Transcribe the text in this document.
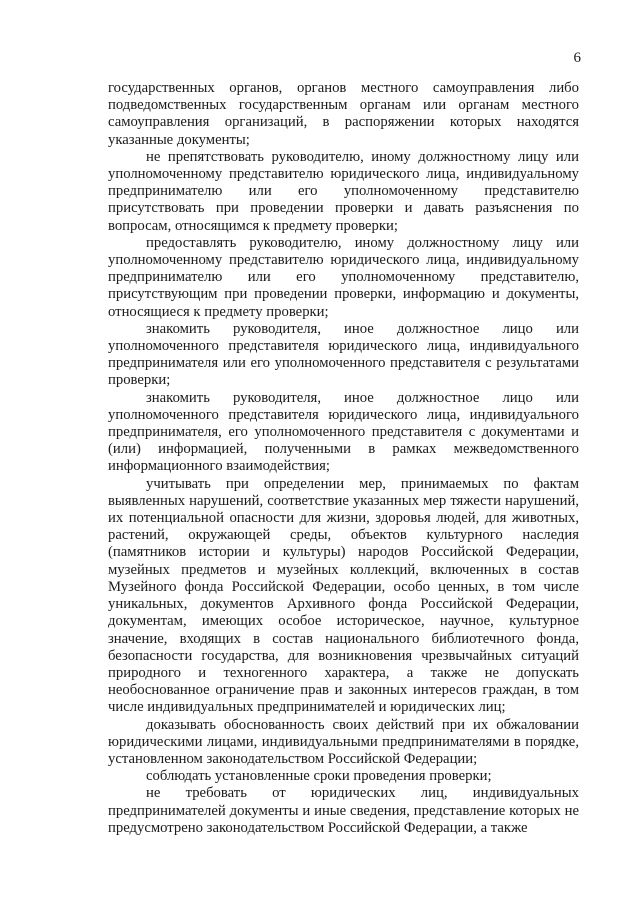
6

государственных органов, органов местного самоуправления либо подведомственных государственным органам или органам местного самоуправления организаций, в распоряжении которых находятся указанные документы;

не препятствовать руководителю, иному должностному лицу или уполномоченному представителю юридического лица, индивидуальному предпринимателю или его уполномоченному представителю присутствовать при проведении проверки и давать разъяснения по вопросам, относящимся к предмету проверки;

предоставлять руководителю, иному должностному лицу или уполномоченному представителю юридического лица, индивидуальному предпринимателю или его уполномоченному представителю, присутствующим при проведении проверки, информацию и документы, относящиеся к предмету проверки;

знакомить руководителя, иное должностное лицо или уполномоченного представителя юридического лица, индивидуального предпринимателя или его уполномоченного представителя с результатами проверки;

знакомить руководителя, иное должностное лицо или уполномоченного представителя юридического лица, индивидуального предпринимателя, его уполномоченного представителя с документами и (или) информацией, полученными в рамках межведомственного информационного взаимодействия;

учитывать при определении мер, принимаемых по фактам выявленных нарушений, соответствие указанных мер тяжести нарушений, их потенциальной опасности для жизни, здоровья людей, для животных, растений, окружающей среды, объектов культурного наследия (памятников истории и культуры) народов Российской Федерации, музейных предметов и музейных коллекций, включенных в состав Музейного фонда Российской Федерации, особо ценных, в том числе уникальных, документов Архивного фонда Российской Федерации, документам, имеющих особое историческое, научное, культурное значение, входящих в состав национального библиотечного фонда, безопасности государства, для возникновения чрезвычайных ситуаций природного и техногенного характера, а также не допускать необоснованное ограничение прав и законных интересов граждан, в том числе индивидуальных предпринимателей и юридических лиц;

доказывать обоснованность своих действий при их обжаловании юридическими лицами, индивидуальными предпринимателями в порядке, установленном законодательством Российской Федерации;

соблюдать установленные сроки проведения проверки;

не требовать от юридических лиц, индивидуальных предпринимателей документы и иные сведения, представление которых не предусмотрено законодательством Российской Федерации, а также
